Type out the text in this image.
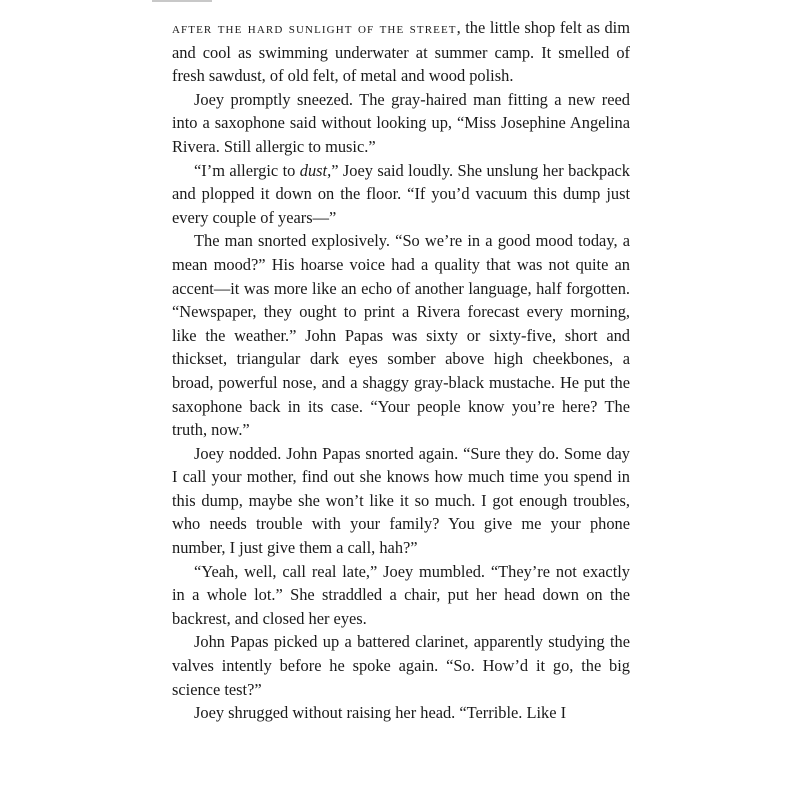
after the hard sunlight of the street, the little shop felt as dim and cool as swimming underwater at summer camp. It smelled of fresh sawdust, of old felt, of metal and wood polish.

Joey promptly sneezed. The gray-haired man fitting a new reed into a saxophone said without looking up, “Miss Josephine Angelina Rivera. Still allergic to music.”

“I’m allergic to dust,” Joey said loudly. She unslung her backpack and plopped it down on the floor. “If you’d vacuum this dump just every couple of years—”

The man snorted explosively. “So we’re in a good mood today, a mean mood?” His hoarse voice had a quality that was not quite an accent—it was more like an echo of another language, half forgotten. “Newspaper, they ought to print a Rivera forecast every morning, like the weather.” John Papas was sixty or sixty-five, short and thickset, triangular dark eyes somber above high cheekbones, a broad, powerful nose, and a shaggy gray-black mustache. He put the saxophone back in its case. “Your people know you’re here? The truth, now.”

Joey nodded. John Papas snorted again. “Sure they do. Some day I call your mother, find out she knows how much time you spend in this dump, maybe she won’t like it so much. I got enough troubles, who needs trouble with your family? You give me your phone number, I just give them a call, hah?”

“Yeah, well, call real late,” Joey mumbled. “They’re not exactly in a whole lot.” She straddled a chair, put her head down on the backrest, and closed her eyes.

John Papas picked up a battered clarinet, apparently studying the valves intently before he spoke again. “So. How’d it go, the big science test?”

Joey shrugged without raising her head. “Terrible. Like I
